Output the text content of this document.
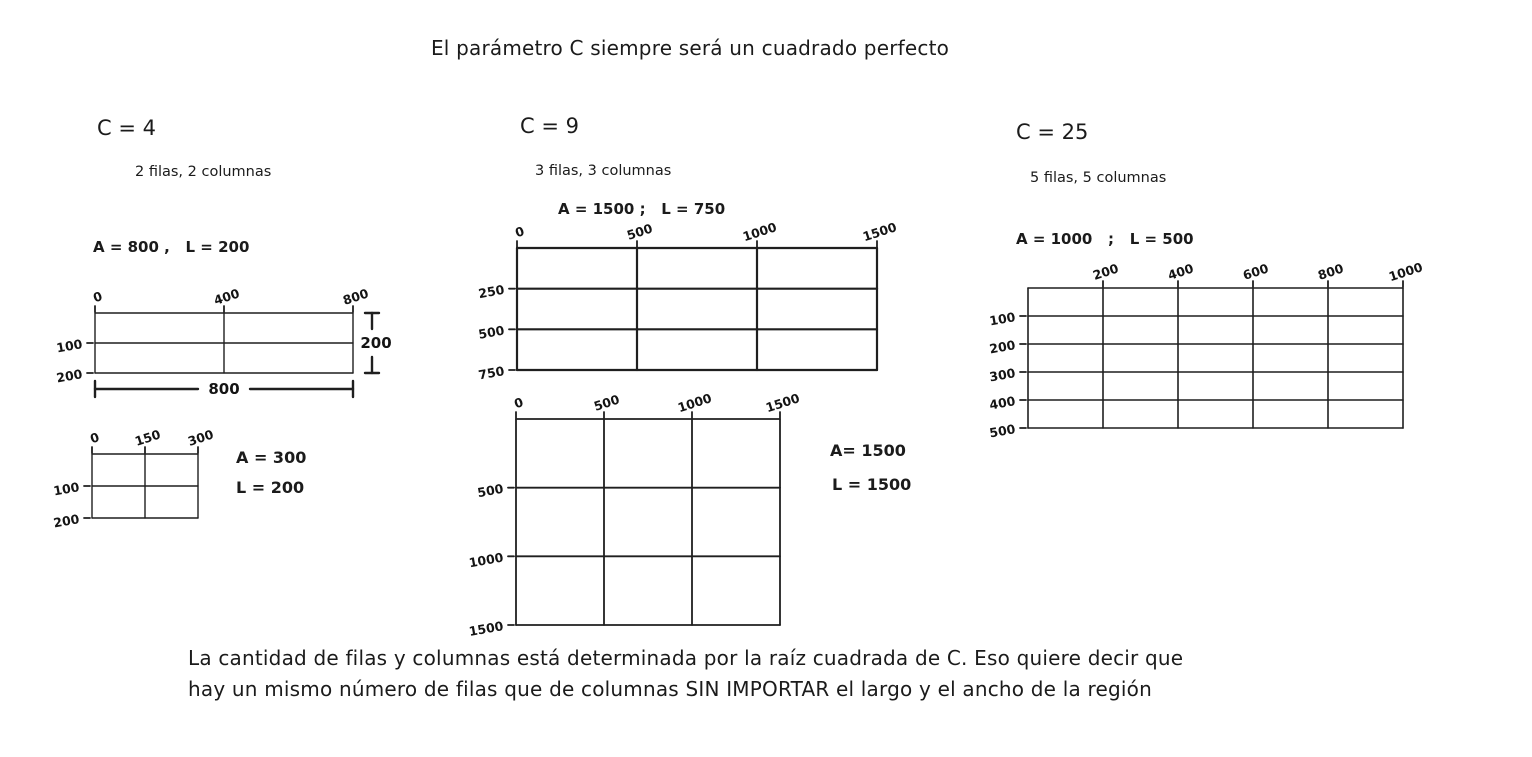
El parámetro C siempre será un cuadrado perfecto
C = 4
2 filas, 2 columnas
A = 800 ,   L = 200
C = 9
3 filas, 3 columnas
A = 1500 ;   L = 750
C = 25
5 filas, 5 columnas
A = 1000   ;   L = 500
A = 300
L = 200
A= 1500
L = 1500
La cantidad de filas y columnas está determinada por la raíz cuadrada de C. Eso quiere decir que
hay un mismo número de filas que de columnas SIN IMPORTAR el largo y el ancho de la región
0	400	800
100
200
800
200
0	150 300
100
200
0	500	1000	1500
250
500
750
0	500	1000	1500
500
1000
1500
200	400	600	800	1000
100
200
300
400
500
